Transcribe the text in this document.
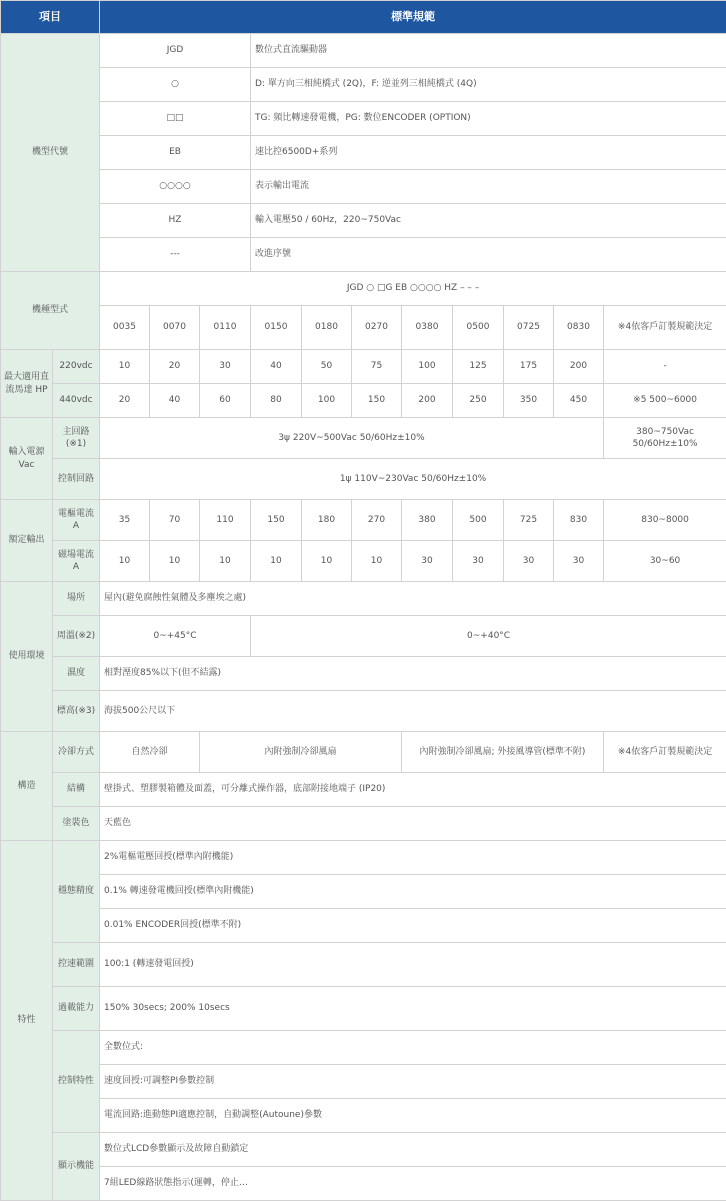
項目		標準規範										
機型代號		JGD			數位式直流驅動器							
		○			D: 單方向三相純橋式 (2Q)，F: 逆並列三相純橋式 (4Q)							
		□□			TG: 頻比轉速發電機，PG: 數位ENCODER (OPTION)							
		EB			速比控6500D+系列							
		○○○○			表示輸出電流							
		HZ			輸入電壓50 / 60Hz，220~750Vac							
		---			改進序號							
機種型式		JGD ○ □G EB ○○○○ HZ – – –										
		0035	0070	0110	0150	0180	0270	0380	0500	0725	0830	※4依客戶訂製規範決定
最大適用直流馬達 HP	220vdc	10	20	30	40	50	75	100	125	175	200	-
	440vdc	20	40	60	80	100	150	200	250	350	450	※5 500~6000
輸入電源 Vac	主回路(※1)	3ψ 220V~500Vac 50/60Hz±10%										380~750Vac 50/60Hz±10%
	控制回路	1ψ 110V~230Vac 50/60Hz±10%										
額定輸出	電樞電流 A	35	70	110	150	180	270	380	500	725	830	830~8000
	磁場電流 A	10	10	10	10	10	10	30	30	30	30	30~60
使用環境	場所	屋內(避免腐蝕性氣體及多塵埃之處)										
	周溫(※2)	0~+45°C			0~+40°C							
	濕度	相對溼度85%以下(但不結露)										
	標高(※3)	海拔500公尺以下										
構造	冷卻方式	自然冷卻		內附強制冷卻風扇				內附強制冷卻風扇; 外接風導管(標準不附)				※4依客戶訂製規範決定
	結構	壁掛式、塑膠製箱體及面蓋，可分離式操作器，底部附接地端子 (IP20)										
	塗裝色	天藍色										
特性	穩態精度	2%電樞電壓回授(標準內附機能)										
		0.1% 轉速發電機回授(標準內附機能)										
		0.01% ENCODER回授(標準不附)										
	控速範圍	100:1 (轉速發電回授)										
	過載能力	150% 30secs; 200% 10secs										
	控制特性	全數位式:										
		速度回授:可調整PI參數控制										
		電流回路:進動態PI適應控制，自動調整(Autoune)參數										
	顯示機能	數位式LCD參數顯示及故障自動鎖定										
		7組LED線路狀態指示(運轉，停止…										
